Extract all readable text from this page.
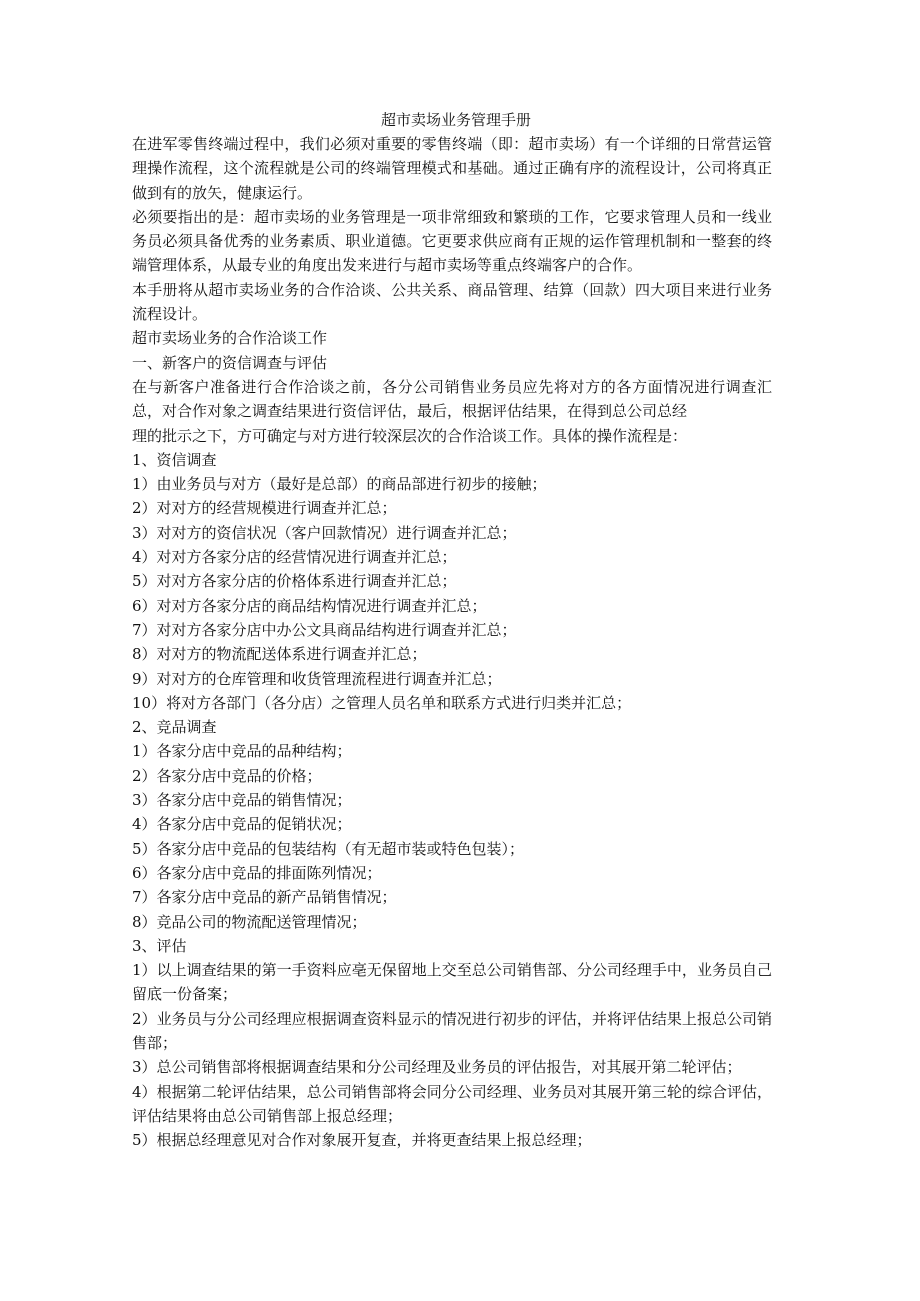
超市卖场业务管理手册

在进军零售终端过程中，我们必须对重要的零售终端（即：超市卖场）有一个详细的日常营运管理操作流程，这个流程就是公司的终端管理模式和基础。通过正确有序的流程设计，公司将真正做到有的放矢，健康运行。

必须要指出的是：超市卖场的业务管理是一项非常细致和繁琐的工作，它要求管理人员和一线业务员必须具备优秀的业务素质、职业道德。它更要求供应商有正规的运作管理机制和一整套的终端管理体系，从最专业的角度出发来进行与超市卖场等重点终端客户的合作。

本手册将从超市卖场业务的合作洽谈、公共关系、商品管理、结算（回款）四大项目来进行业务流程设计。

超市卖场业务的合作洽谈工作

一、新客户的资信调查与评估

在与新客户准备进行合作洽谈之前，各分公司销售业务员应先将对方的各方面情况进行调查汇总，对合作对象之调查结果进行资信评估，最后，根据评估结果，在得到总公司总经

理的批示之下，方可确定与对方进行较深层次的合作洽谈工作。具体的操作流程是：

1、资信调查

1）由业务员与对方（最好是总部）的商品部进行初步的接触；

2）对对方的经营规模进行调查并汇总；

3）对对方的资信状况（客户回款情况）进行调查并汇总；

4）对对方各家分店的经营情况进行调查并汇总；

5）对对方各家分店的价格体系进行调查并汇总；

6）对对方各家分店的商品结构情况进行调查并汇总；

7）对对方各家分店中办公文具商品结构进行调查并汇总；

8）对对方的物流配送体系进行调查并汇总；

9）对对方的仓库管理和收货管理流程进行调查并汇总；

10）将对方各部门（各分店）之管理人员名单和联系方式进行归类并汇总；

2、竞品调查

1）各家分店中竞品的品种结构；

2）各家分店中竞品的价格；

3）各家分店中竞品的销售情况；

4）各家分店中竞品的促销状况；

5）各家分店中竞品的包装结构（有无超市装或特色包装）；

6）各家分店中竞品的排面陈列情况；

7）各家分店中竞品的新产品销售情况；

8）竞品公司的物流配送管理情况；

3、评估

1）以上调查结果的第一手资料应亳无保留地上交至总公司销售部、分公司经理手中，业务员自己留底一份备案；

2）业务员与分公司经理应根据调查资料显示的情况进行初步的评估，并将评估结果上报总公司销售部；

3）总公司销售部将根据调查结果和分公司经理及业务员的评估报告，对其展开第二轮评估；

4）根据第二轮评估结果，总公司销售部将会同分公司经理、业务员对其展开第三轮的综合评估，评估结果将由总公司销售部上报总经理；

5）根据总经理意见对合作对象展开复查，并将更查结果上报总经理；
